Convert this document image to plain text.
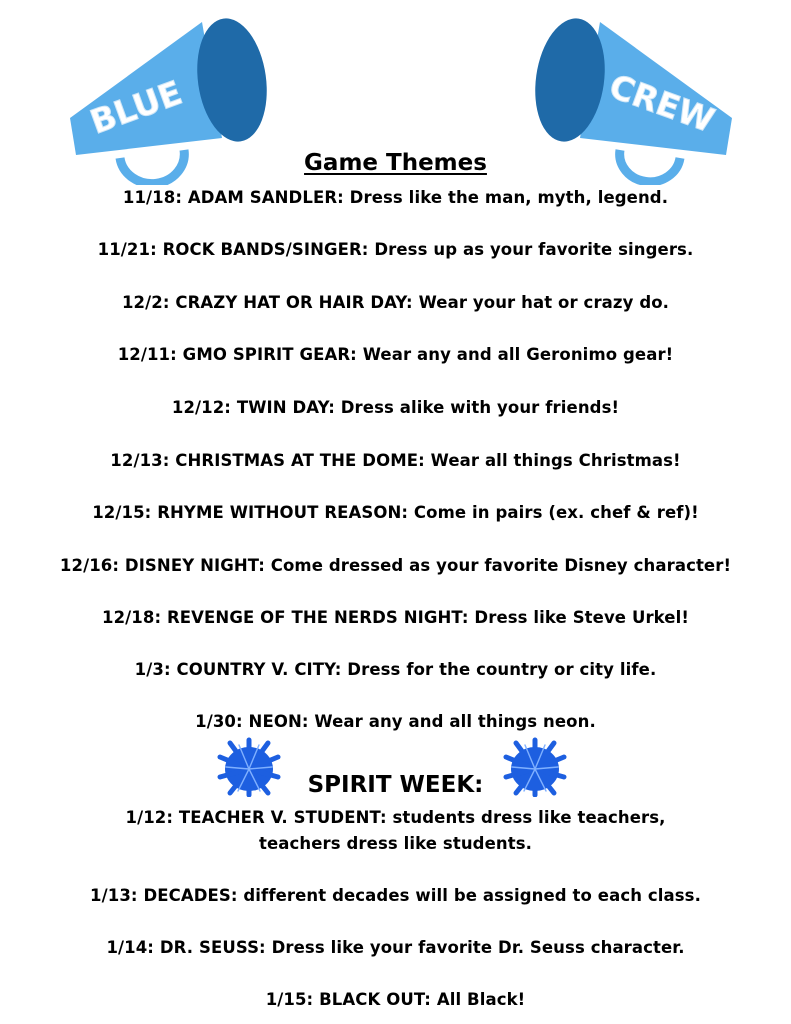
BLUE	CREW
Game Themes
11/18: ADAM SANDLER: Dress like the man, myth, legend.
11/21: ROCK BANDS/SINGER: Dress up as your favorite singers.
12/2: CRAZY HAT OR HAIR DAY: Wear your hat or crazy do.
12/11: GMO SPIRIT GEAR: Wear any and all Geronimo gear!
12/12: TWIN DAY: Dress alike with your friends!
12/13: CHRISTMAS AT THE DOME: Wear all things Christmas!
12/15: RHYME WITHOUT REASON: Come in pairs (ex. chef & ref)!
12/16: DISNEY NIGHT: Come dressed as your favorite Disney character!
12/18: REVENGE OF THE NERDS NIGHT: Dress like Steve Urkel!
1/3: COUNTRY V. CITY: Dress for the country or city life.
1/30: NEON: Wear any and all things neon.
SPIRIT WEEK:
1/12: TEACHER V. STUDENT: students dress like teachers,
teachers dress like students.
1/13: DECADES: different decades will be assigned to each class.
1/14: DR. SEUSS: Dress like your favorite Dr. Seuss character.
1/15: BLACK OUT: All Black!
